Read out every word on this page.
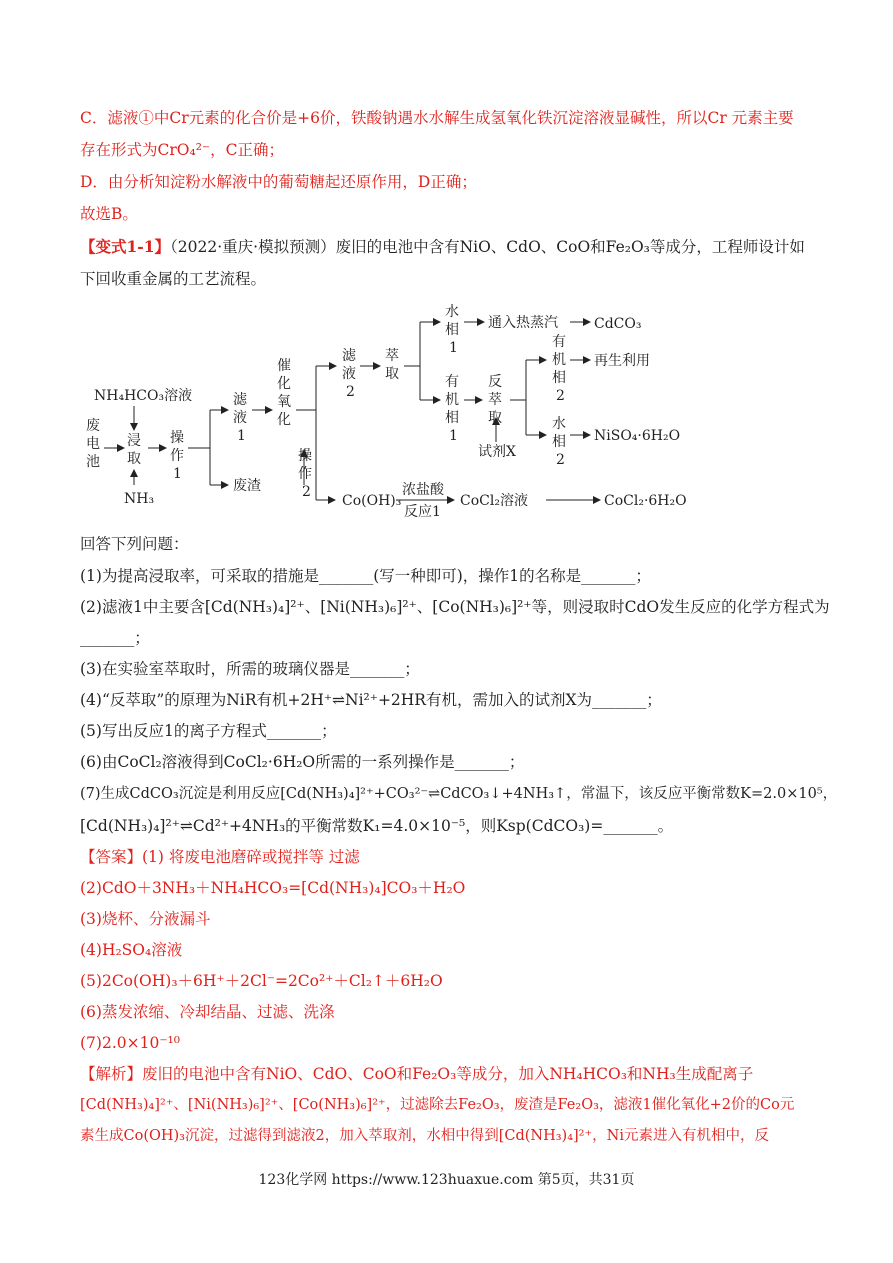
C．滤液①中Cr元素的化合价是+6价，铁酸钠遇水水解生成氢氧化铁沉淀溶液显碱性，所以Cr 元素主要
存在形式为CrO₄²⁻，C正确；
D．由分析知淀粉水解液中的葡萄糖起还原作用，D正确；
故选B。
【变式1-1】（2022·重庆·模拟预测）废旧的电池中含有NiO、CdO、CoO和Fe₂O₃等成分，工程师设计如
下回收重金属的工艺流程。
废电池
NH₄HCO₃溶液
浸取
NH₃
操作 1
滤液 1
废渣
催化氧化
操作 2
滤液 2
萃取
水相 1
通入热蒸汽	CdCO₃
有机相 1
反萃取
试剂X
有机相 2
再生利用
水相 2
NiSO₄·6H₂O
Co(OH)₃
浓盐酸
反应1
CoCl₂溶液	CoCl₂·6H₂O
回答下列问题：
(1)为提高浸取率，可采取的措施是_______(写一种即可)，操作1的名称是_______；
(2)滤液1中主要含[Cd(NH₃)₄]²⁺、[Ni(NH₃)₆]²⁺、[Co(NH₃)₆]²⁺等，则浸取时CdO发生反应的化学方程式为
_______；
(3)在实验室萃取时，所需的玻璃仪器是_______；
(4)“反萃取”的原理为NiR有机+2H⁺⇌Ni²⁺+2HR有机，需加入的试剂X为_______；
(5)写出反应1的离子方程式_______；
(6)由CoCl₂溶液得到CoCl₂·6H₂O所需的一系列操作是_______；
(7)生成CdCO₃沉淀是利用反应[Cd(NH₃)₄]²⁺+CO₃²⁻⇌CdCO₃↓+4NH₃↑，常温下，该反应平衡常数K=2.0×10⁵，
[Cd(NH₃)₄]²⁺⇌Cd²⁺+4NH₃的平衡常数K₁=4.0×10⁻⁵，则Ksp(CdCO₃)=_______。
【答案】(1) 将废电池磨碎或搅拌等 过滤
(2)CdO＋3NH₃＋NH₄HCO₃=[Cd(NH₃)₄]CO₃＋H₂O
(3)烧杯、分液漏斗
(4)H₂SO₄溶液
(5)2Co(OH)₃＋6H⁺＋2Cl⁻=2Co²⁺＋Cl₂↑＋6H₂O
(6)蒸发浓缩、冷却结晶、过滤、洗涤
(7)2.0×10⁻¹⁰
【解析】废旧的电池中含有NiO、CdO、CoO和Fe₂O₃等成分，加入NH₄HCO₃和NH₃生成配离子
[Cd(NH₃)₄]²⁺、[Ni(NH₃)₆]²⁺、[Co(NH₃)₆]²⁺，过滤除去Fe₂O₃，废渣是Fe₂O₃，滤液1催化氧化+2价的Co元
素生成Co(OH)₃沉淀，过滤得到滤液2，加入萃取剂，水相中得到[Cd(NH₃)₄]²⁺，Ni元素进入有机相中，反
123化学网 https://www.123huaxue.com 第5页，共31页
